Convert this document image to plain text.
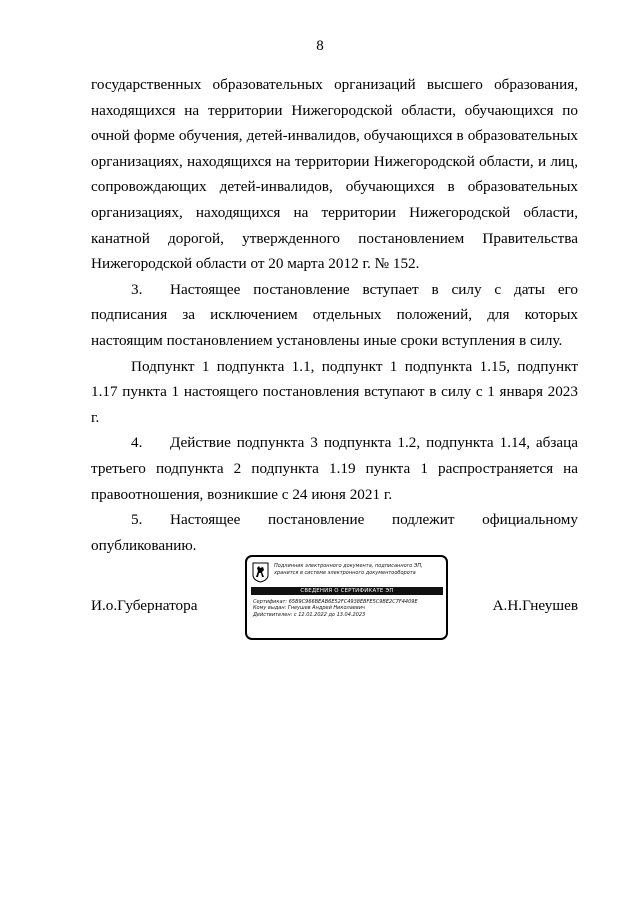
8

государственных образовательных организаций высшего образования, находящихся на территории Нижегородской области, обучающихся по очной форме обучения, детей-инвалидов, обучающихся в образовательных организациях, находящихся на территории Нижегородской области, и лиц, сопровождающих детей-инвалидов, обучающихся в образовательных организациях, находящихся на территории Нижегородской области, канатной дорогой, утвержденного постановлением Правительства Нижегородской области от 20 марта 2012 г. № 152.

3. Настоящее постановление вступает в силу с даты его подписания за исключением отдельных положений, для которых настоящим постановлением установлены иные сроки вступления в силу.

Подпункт 1 подпункта 1.1, подпункт 1 подпункта 1.15, подпункт 1.17 пункта 1 настоящего постановления вступают в силу с 1 января 2023 г.

4. Действие подпункта 3 подпункта 1.2, подпункта 1.14, абзаца третьего подпункта 2 подпункта 1.19 пункта 1 распространяется на правоотношения, возникшие с 24 июня 2021 г.

5. Настоящее постановление подлежит официальному опубликованию.

И.о.Губернатора	А.Н.Гнеушев
Подлинник электронного документа, подписанного ЭП,
хранится в системе электронного документооборота
СВЕДЕНИЯ О СЕРТИФИКАТЕ ЭП
Сертификат: 65B9C966BEAB6E52FC4938EBFE5C9BE2C7F4409E
Кому выдан: Гнеушев Андрей Николаевич
Действителен: с 12.01.2022 до 13.04.2023
